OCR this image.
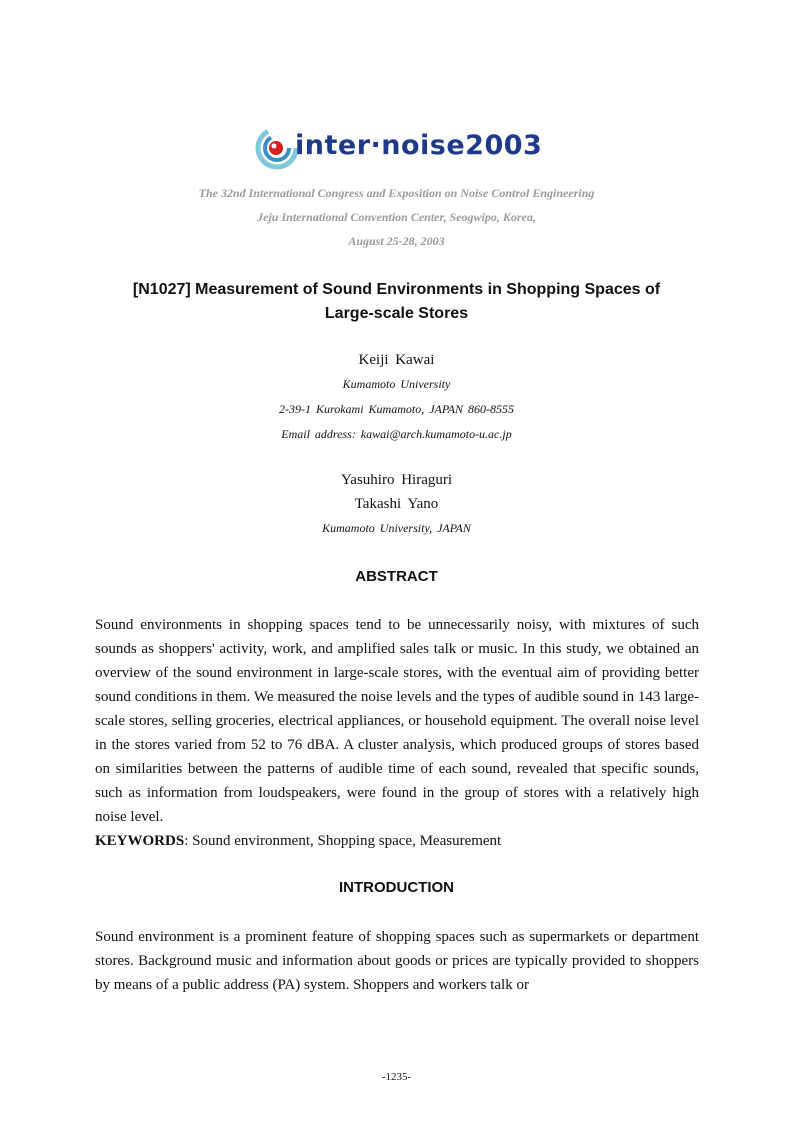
inter·noise2003
The 32nd International Congress and Exposition on Noise Control Engineering
Jeju International Convention Center, Seogwipo, Korea,
August 25-28, 2003
[N1027] Measurement of Sound Environments in Shopping Spaces of
Large-scale Stores
Keiji Kawai
Kumamoto University
2-39-1 Kurokami Kumamoto, JAPAN 860-8555
Email address: kawai@arch.kumamoto-u.ac.jp
Yasuhiro Hiraguri
Takashi Yano
Kumamoto University, JAPAN
ABSTRACT

Sound environments in shopping spaces tend to be unnecessarily noisy, with mixtures of such sounds as shoppers' activity, work, and amplified sales talk or music. In this study, we obtained an overview of the sound environment in large-scale stores, with the eventual aim of providing better sound conditions in them. We measured the noise levels and the types of audible sound in 143 large-scale stores, selling groceries, electrical appliances, or household equipment. The overall noise level in the stores varied from 52 to 76 dBA. A cluster analysis, which produced groups of stores based on similarities between the patterns of audible time of each sound, revealed that specific sounds, such as information from loudspeakers, were found in the group of stores with a relatively high noise level.
KEYWORDS: Sound environment, Shopping space, Measurement

INTRODUCTION

Sound environment is a prominent feature of shopping spaces such as supermarkets or department stores. Background music and information about goods or prices are typically provided to shoppers by means of a public address (PA) system. Shoppers and workers talk or

-1235-
